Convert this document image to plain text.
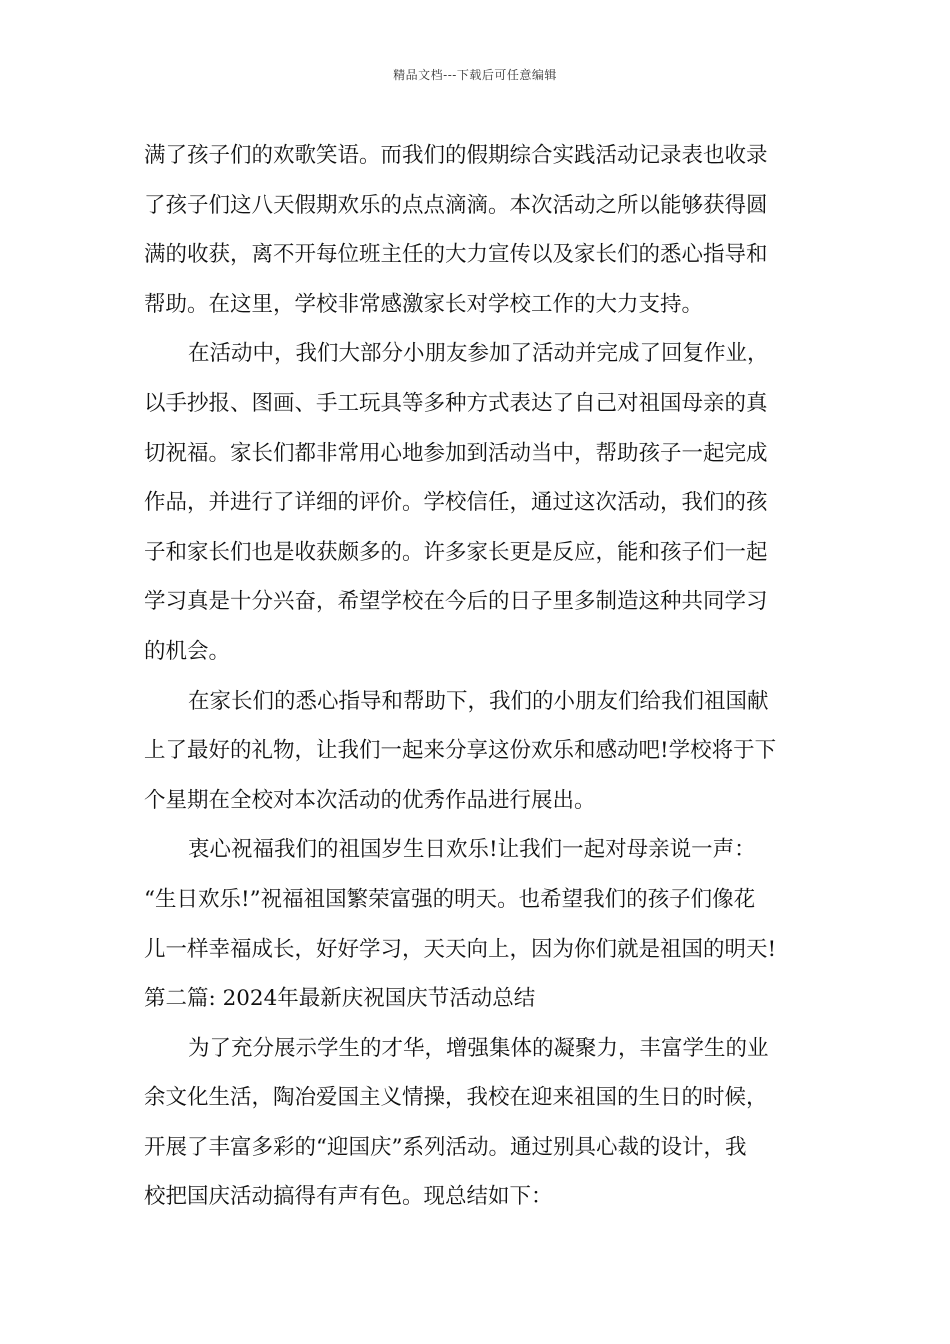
精品文档---下载后可任意编辑
满了孩子们的欢歌笑语。而我们的假期综合实践活动记录表也收录
了孩子们这八天假期欢乐的点点滴滴。本次活动之所以能够获得圆
满的收获，离不开每位班主任的大力宣传以及家长们的悉心指导和
帮助。在这里，学校非常感激家长对学校工作的大力支持。
在活动中，我们大部分小朋友参加了活动并完成了回复作业，
以手抄报、图画、手工玩具等多种方式表达了自己对祖国母亲的真
切祝福。家长们都非常用心地参加到活动当中，帮助孩子一起完成
作品，并进行了详细的评价。学校信任，通过这次活动，我们的孩
子和家长们也是收获颇多的。许多家长更是反应，能和孩子们一起
学习真是十分兴奋，希望学校在今后的日子里多制造这种共同学习
的机会。
在家长们的悉心指导和帮助下，我们的小朋友们给我们祖国献
上了最好的礼物，让我们一起来分享这份欢乐和感动吧!学校将于下
个星期在全校对本次活动的优秀作品进行展出。
衷心祝福我们的祖国岁生日欢乐!让我们一起对母亲说一声：
“生日欢乐!”祝福祖国繁荣富强的明天。也希望我们的孩子们像花
儿一样幸福成长，好好学习，天天向上，因为你们就是祖国的明天!
第二篇: 2024年最新庆祝国庆节活动总结
为了充分展示学生的才华，增强集体的凝聚力，丰富学生的业
余文化生活，陶冶爱国主义情操，我校在迎来祖国的生日的时候，
开展了丰富多彩的“迎国庆”系列活动。通过别具心裁的设计，我
校把国庆活动搞得有声有色。现总结如下：
